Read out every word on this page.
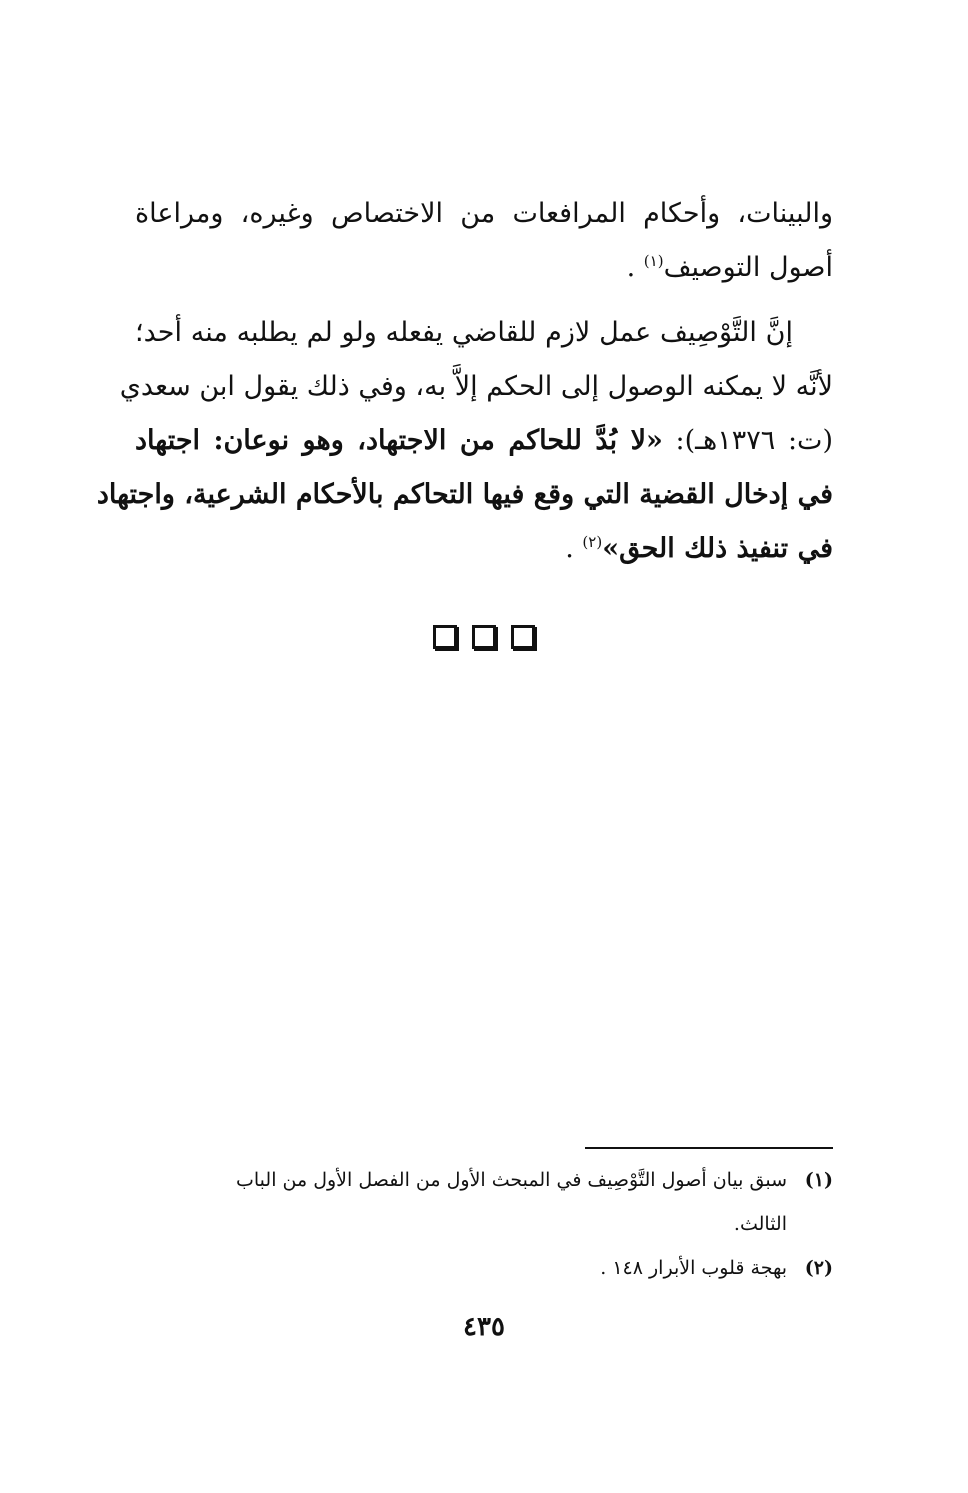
والبينات، وأحكام المرافعات من الاختصاص وغيره، ومراعاة
أصول التوصيف$^{(١)}$ .
إنَّ التَّوْصِيف عمل لازم للقاضي يفعله ولو لم يطلبه منه أحد؛
لأنَّه لا يمكنه الوصول إلى الحكم إلاَّ به، وفي ذلك يقول ابن سعدي
(ت: ١٣٧٦هـ): «لا بُدَّ للحاكم من الاجتهاد، وهو نوعان: اجتهاد
في إدخال القضية التي وقع فيها التحاكم بالأحكام الشرعية، واجتهاد
في تنفيذ ذلك الحق»$^{(٢)}$ .

(١)سبق بيان أصول التَّوْصِيف في المبحث الأول من الفصل الأول من الباب
الثالث.
(٢)بهجة قلوب الأبرار ١٤٨ .
٤٣٥
